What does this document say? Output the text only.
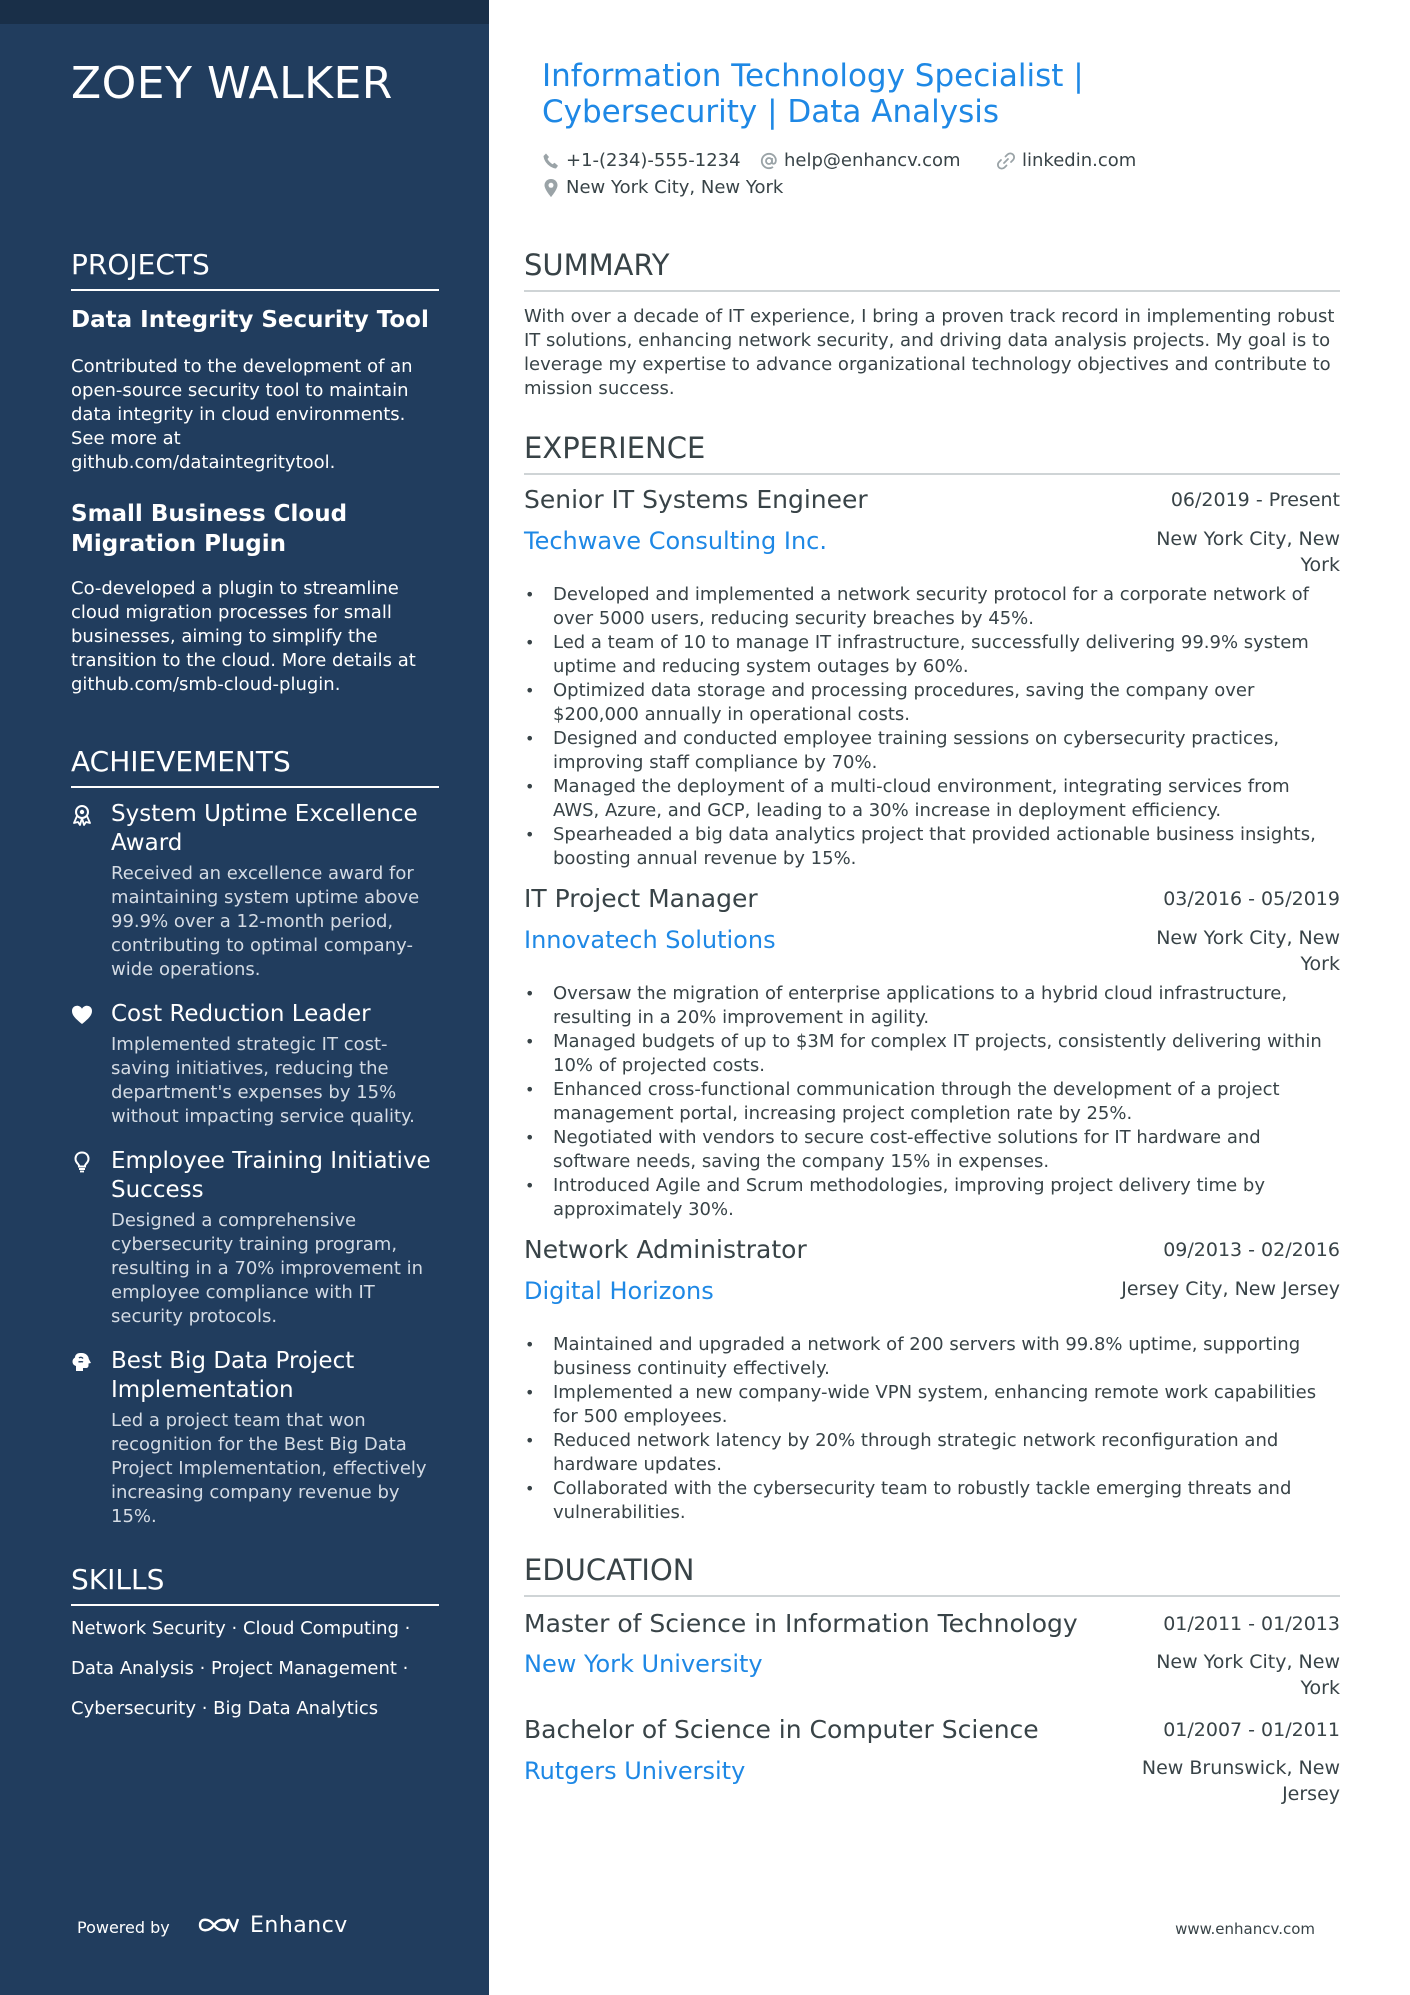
ZOEY WALKER
PROJECTS
Data Integrity Security Tool
Contributed to the development of an open-source security tool to maintain data integrity in cloud environments. See more at github.com/dataintegritytool.
Small Business Cloud Migration Plugin
Co-developed a plugin to streamline cloud migration processes for small businesses, aiming to simplify the transition to the cloud. More details at github.com/smb-cloud-plugin.
ACHIEVEMENTS
System Uptime Excellence Award
Received an excellence award for maintaining system uptime above 99.9% over a 12-month period, contributing to optimal company-wide operations.
Cost Reduction Leader
Implemented strategic IT cost-saving initiatives, reducing the department's expenses by 15% without impacting service quality.
Employee Training Initiative Success
Designed a comprehensive cybersecurity training program, resulting in a 70% improvement in employee compliance with IT security protocols.
Best Big Data Project Implementation
Led a project team that won recognition for the Best Big Data Project Implementation, effectively increasing company revenue by 15%.
SKILLS
Network Security · Cloud Computing ·
Data Analysis · Project Management ·
Cybersecurity · Big Data Analytics
Powered by	Enhancv
Information Technology Specialist | Cybersecurity | Data Analysis
+1-(234)-555-1234 help@enhancv.com	linkedin.com
New York City, New York
SUMMARY
With over a decade of IT experience, I bring a proven track record in implementing robust IT solutions, enhancing network security, and driving data analysis projects. My goal is to leverage my expertise to advance organizational technology objectives and contribute to mission success.
EXPERIENCE
Senior IT Systems Engineer	06/2019 - Present
Techwave Consulting Inc.	New York City, New York
• Developed and implemented a network security protocol for a corporate network of over 5000 users, reducing security breaches by 45%.
• Led a team of 10 to manage IT infrastructure, successfully delivering 99.9% system uptime and reducing system outages by 60%.
• Optimized data storage and processing procedures, saving the company over $200,000 annually in operational costs.
• Designed and conducted employee training sessions on cybersecurity practices, improving staff compliance by 70%.
• Managed the deployment of a multi-cloud environment, integrating services from AWS, Azure, and GCP, leading to a 30% increase in deployment efficiency.
• Spearheaded a big data analytics project that provided actionable business insights, boosting annual revenue by 15%.
IT Project Manager	03/2016 - 05/2019
Innovatech Solutions	New York City, New York
• Oversaw the migration of enterprise applications to a hybrid cloud infrastructure, resulting in a 20% improvement in agility.
• Managed budgets of up to $3M for complex IT projects, consistently delivering within 10% of projected costs.
• Enhanced cross-functional communication through the development of a project management portal, increasing project completion rate by 25%.
• Negotiated with vendors to secure cost-effective solutions for IT hardware and software needs, saving the company 15% in expenses.
• Introduced Agile and Scrum methodologies, improving project delivery time by approximately 30%.
Network Administrator	09/2013 - 02/2016
Digital Horizons	Jersey City, New Jersey
• Maintained and upgraded a network of 200 servers with 99.8% uptime, supporting business continuity effectively.
• Implemented a new company-wide VPN system, enhancing remote work capabilities for 500 employees.
• Reduced network latency by 20% through strategic network reconfiguration and hardware updates.
• Collaborated with the cybersecurity team to robustly tackle emerging threats and vulnerabilities.
EDUCATION
Master of Science in Information Technology	01/2011 - 01/2013
New York University	New York City, New York
Bachelor of Science in Computer Science	01/2007 - 01/2011
Rutgers University	New Brunswick, New Jersey
www.enhancv.com
